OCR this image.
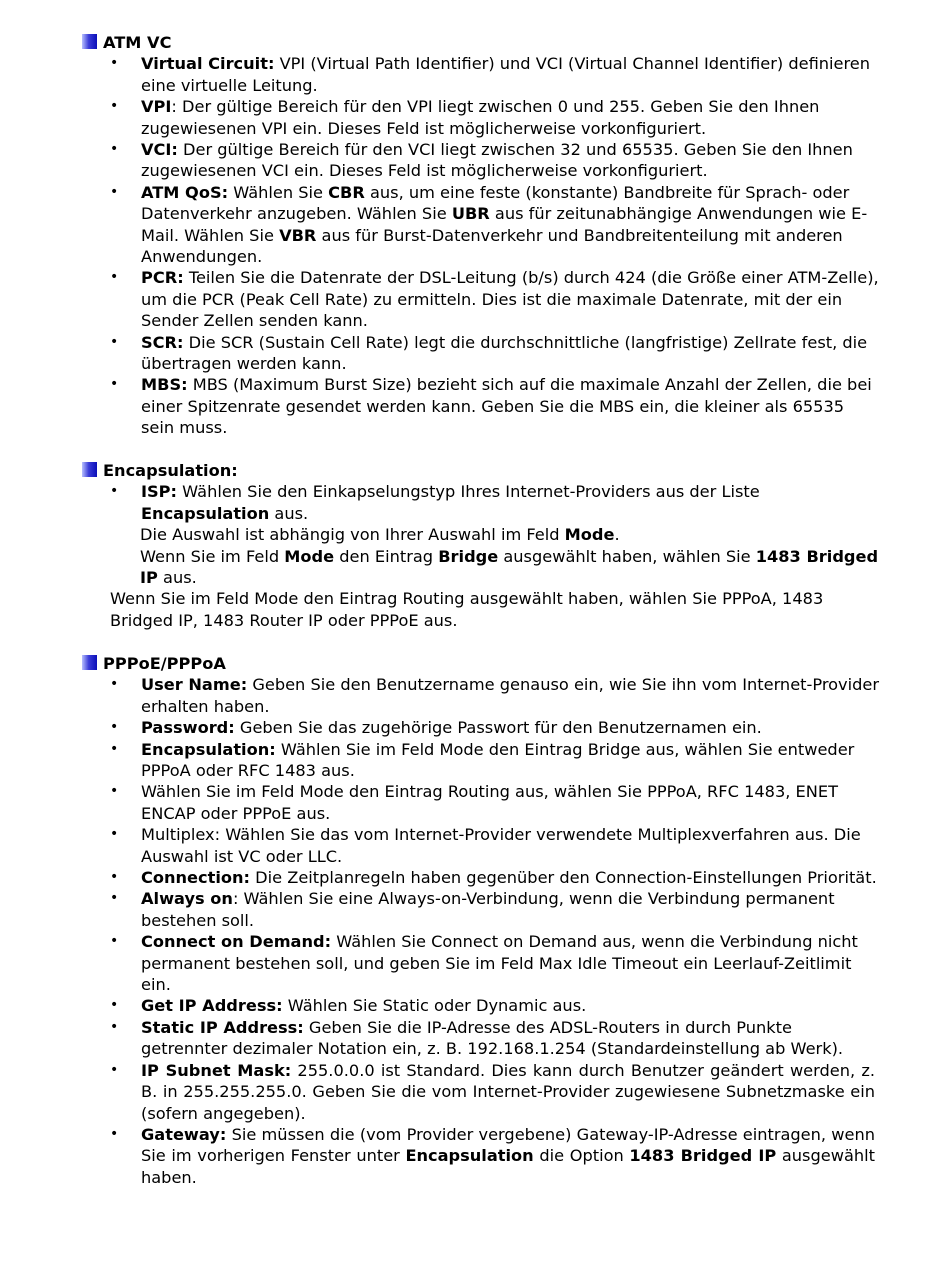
ATM VC
• Virtual Circuit: VPI (Virtual Path Identifier) und VCI (Virtual Channel Identifier) definieren eine virtuelle Leitung.
• VPI: Der gültige Bereich für den VPI liegt zwischen 0 und 255. Geben Sie den Ihnen zugewiesenen VPI ein. Dieses Feld ist möglicherweise vorkonfiguriert.
• VCI: Der gültige Bereich für den VCI liegt zwischen 32 und 65535. Geben Sie den Ihnen zugewiesenen VCI ein. Dieses Feld ist möglicherweise vorkonfiguriert.
• ATM QoS: Wählen Sie CBR aus, um eine feste (konstante) Bandbreite für Sprach- oder Datenverkehr anzugeben. Wählen Sie UBR aus für zeitunabhängige Anwendungen wie E-Mail. Wählen Sie VBR aus für Burst-Datenverkehr und Bandbreitenteilung mit anderen Anwendungen.
• PCR: Teilen Sie die Datenrate der DSL-Leitung (b/s) durch 424 (die Größe einer ATM-Zelle), um die PCR (Peak Cell Rate) zu ermitteln. Dies ist die maximale Datenrate, mit der ein Sender Zellen senden kann.
• SCR: Die SCR (Sustain Cell Rate) legt die durchschnittliche (langfristige) Zellrate fest, die übertragen werden kann.
• MBS: MBS (Maximum Burst Size) bezieht sich auf die maximale Anzahl der Zellen, die bei einer Spitzenrate gesendet werden kann. Geben Sie die MBS ein, die kleiner als 65535 sein muss.
Encapsulation:
• ISP: Wählen Sie den Einkapselungstyp Ihres Internet-Providers aus der Liste Encapsulation aus.
Die Auswahl ist abhängig von Ihrer Auswahl im Feld Mode.
Wenn Sie im Feld Mode den Eintrag Bridge ausgewählt haben, wählen Sie 1483 Bridged IP aus.
Wenn Sie im Feld Mode den Eintrag Routing ausgewählt haben, wählen Sie PPPoA, 1483 Bridged IP, 1483 Router IP oder PPPoE aus.
PPPoE/PPPoA
• User Name: Geben Sie den Benutzername genauso ein, wie Sie ihn vom Internet-Provider erhalten haben.
• Password: Geben Sie das zugehörige Passwort für den Benutzernamen ein.
• Encapsulation: Wählen Sie im Feld Mode den Eintrag Bridge aus, wählen Sie entweder PPPoA oder RFC 1483 aus.
• Wählen Sie im Feld Mode den Eintrag Routing aus, wählen Sie PPPoA, RFC 1483, ENET ENCAP oder PPPoE aus.
• Multiplex: Wählen Sie das vom Internet-Provider verwendete Multiplexverfahren aus. Die Auswahl ist VC oder LLC.
• Connection: Die Zeitplanregeln haben gegenüber den Connection-Einstellungen Priorität.
• Always on: Wählen Sie eine Always-on-Verbindung, wenn die Verbindung permanent bestehen soll.
• Connect on Demand: Wählen Sie Connect on Demand aus, wenn die Verbindung nicht permanent bestehen soll, und geben Sie im Feld Max Idle Timeout ein Leerlauf-Zeitlimit ein.
• Get IP Address: Wählen Sie Static oder Dynamic aus.
• Static IP Address: Geben Sie die IP-Adresse des ADSL-Routers in durch Punkte getrennter dezimaler Notation ein, z. B. 192.168.1.254 (Standardeinstellung ab Werk).
• IP Subnet Mask: 255.0.0.0 ist Standard. Dies kann durch Benutzer geändert werden, z. B. in 255.255.255.0. Geben Sie die vom Internet-Provider zugewiesene Subnetzmaske ein (sofern angegeben).
• Gateway: Sie müssen die (vom Provider vergebene) Gateway-IP-Adresse eintragen, wenn Sie im vorherigen Fenster unter Encapsulation die Option 1483 Bridged IP ausgewählt haben.
